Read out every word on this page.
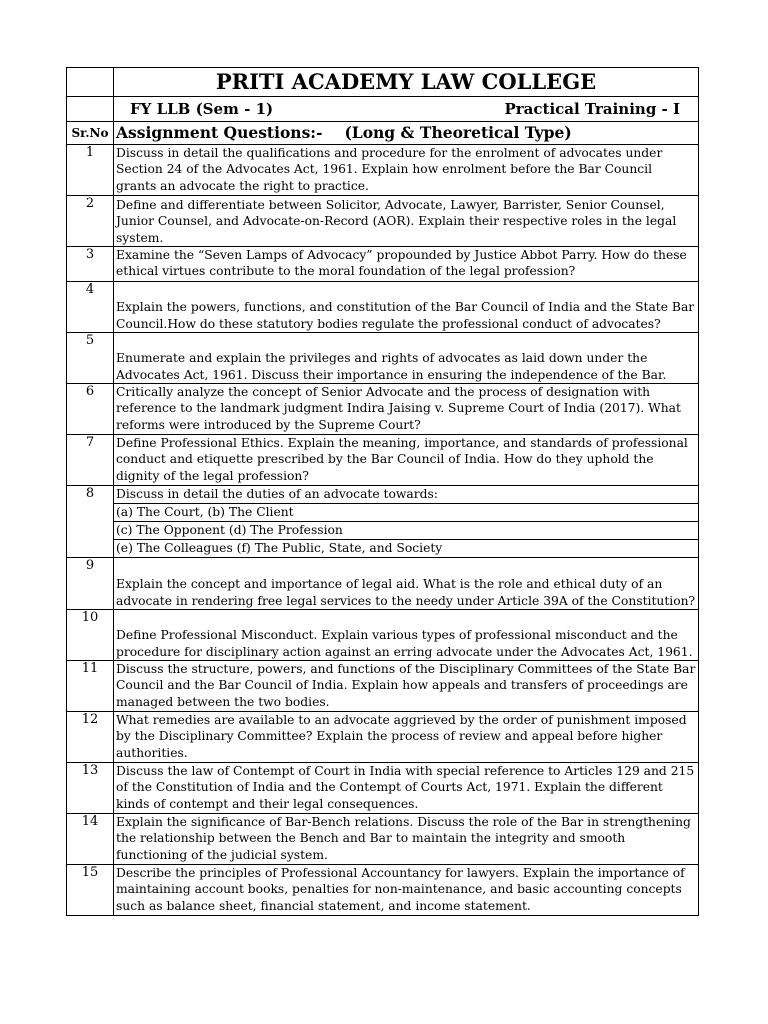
	PRITI ACADEMY LAW COLLEGE

	FY LLB (Sem - 1) Practical Training - I

Sr.No	Assignment Questions:- (Long & Theoretical Type)
1	Discuss in detail the qualifications and procedure for the enrolment of advocates under Section 24 of the Advocates Act, 1961. Explain how enrolment before the Bar Council grants an advocate the right to practice.
2	Define and differentiate between Solicitor, Advocate, Lawyer, Barrister, Senior Counsel, Junior Counsel, and Advocate-on-Record (AOR). Explain their respective roles in the legal system.
3	Examine the “Seven Lamps of Advocacy” propounded by Justice Abbot Parry. How do these ethical virtues contribute to the moral foundation of the legal profession?
4	Explain the powers, functions, and constitution of the Bar Council of India and the State Bar Council.How do these statutory bodies regulate the professional conduct of advocates?
5	Enumerate and explain the privileges and rights of advocates as laid down under the Advocates Act, 1961. Discuss their importance in ensuring the independence of the Bar.
6	Critically analyze the concept of Senior Advocate and the process of designation with reference to the landmark judgment Indira Jaising v. Supreme Court of India (2017). What reforms were introduced by the Supreme Court?
7	Define Professional Ethics. Explain the meaning, importance, and standards of professional conduct and etiquette prescribed by the Bar Council of India. How do they uphold the dignity of the legal profession?
8	Discuss in detail the duties of an advocate towards:
	(a) The Court, (b) The Client
	(c) The Opponent (d) The Profession
	(e) The Colleagues (f) The Public, State, and Society
9	Explain the concept and importance of legal aid. What is the role and ethical duty of an advocate in rendering free legal services to the needy under Article 39A of the Constitution?
10	Define Professional Misconduct. Explain various types of professional misconduct and the procedure for disciplinary action against an erring advocate under the Advocates Act, 1961.
11	Discuss the structure, powers, and functions of the Disciplinary Committees of the State Bar Council and the Bar Council of India. Explain how appeals and transfers of proceedings are managed between the two bodies.
12	What remedies are available to an advocate aggrieved by the order of punishment imposed by the Disciplinary Committee? Explain the process of review and appeal before higher authorities.
13	Discuss the law of Contempt of Court in India with special reference to Articles 129 and 215 of the Constitution of India and the Contempt of Courts Act, 1971. Explain the different kinds of contempt and their legal consequences.
14	Explain the significance of Bar-Bench relations. Discuss the role of the Bar in strengthening the relationship between the Bench and Bar to maintain the integrity and smooth functioning of the judicial system.
15	Describe the principles of Professional Accountancy for lawyers. Explain the importance of maintaining account books, penalties for non-maintenance, and basic accounting concepts such as balance sheet, financial statement, and income statement.
